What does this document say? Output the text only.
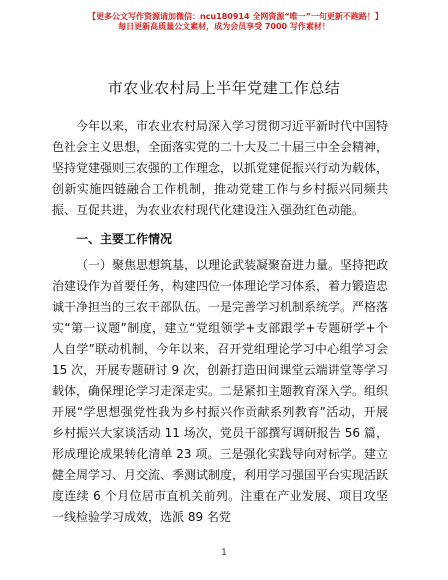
【更多公文写作资源请加微信：ncu180914 全网资源“唯一”一句更新不跑路！】
每日更新高质量公文素材，成为会员享受 7000 写作素材！
市农业农村局上半年党建工作总结

今年以来，市农业农村局深入学习贯彻习近平新时代中国特色社会主义思想，全面落实党的二十大及二十届三中全会精神，坚持党建强则三农强的工作理念，以抓党建促振兴行动为载体，创新实施四链融合工作机制，推动党建工作与乡村振兴同频共振、互促共进，为农业农村现代化建设注入强劲红色动能。

一、主要工作情况

（一）聚焦思想筑基，以理论武装凝聚奋进力量。坚持把政治建设作为首要任务，构建四位一体理论学习体系，着力锻造忠诚干净担当的三农干部队伍。一是完善学习机制系统学。严格落实“第一议题”制度，建立“党组领学+支部跟学+专题研学+个人自学”联动机制，今年以来，召开党组理论学习中心组学习会 15 次，开展专题研讨 9 次，创新打造田间课堂云端讲堂等学习载体，确保理论学习走深走实。二是紧扣主题教育深入学。组织开展“学思想强党性我为乡村振兴作贡献系列教育”活动，开展乡村振兴大家谈活动 11 场次，党员干部撰写调研报告 56 篇，形成理论成果转化清单 23 项。三是强化实践导向对标学。建立健全周学习、月交流、季测试制度，利用学习强国平台实现活跃度连续 6 个月位居市直机关前列。注重在产业发展、项目攻坚一线检验学习成效，选派 89 名党

1
